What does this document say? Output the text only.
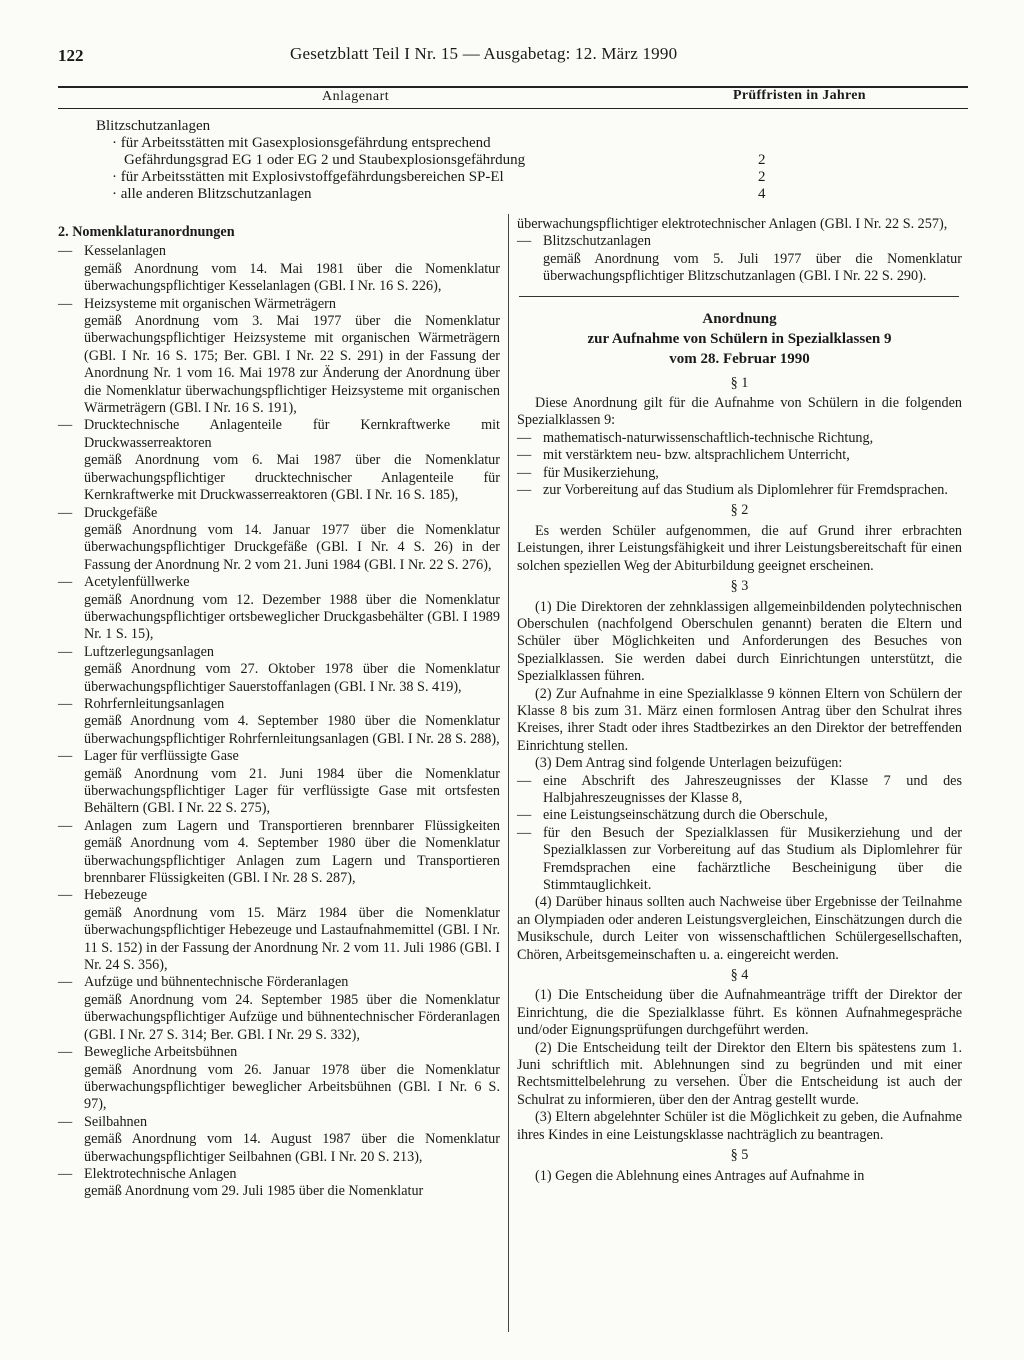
122	Gesetzblatt Teil I Nr. 15 — Ausgabetag: 12. März 1990
Anlagenart	Prüffristen in Jahren
Blitzschutzanlagen
· für Arbeitsstätten mit Gasexplosionsgefährdung entsprechend
Gefährdungsgrad EG 1 oder EG 2 und Staubexplosionsgefährdung
· für Arbeitsstätten mit Explosivstoffgefährdungsbereichen SP-El
· alle anderen Blitzschutzanlagen
2
2
4
2. Nomenklaturanordnungen
— Kesselanlagen
gemäß Anordnung vom 14. Mai 1981 über die Nomenklatur überwachungspflichtiger Kesselanlagen (GBl. I Nr. 16 S. 226),
— Heizsysteme mit organischen Wärmeträgern
gemäß Anordnung vom 3. Mai 1977 über die Nomenklatur überwachungspflichtiger Heizsysteme mit organischen Wärmeträgern (GBl. I Nr. 16 S. 175; Ber. GBl. I Nr. 22 S. 291) in der Fassung der Anordnung Nr. 1 vom 16. Mai 1978 zur Änderung der Anordnung über die Nomenklatur überwachungspflichtiger Heizsysteme mit organischen Wärmeträgern (GBl. I Nr. 16 S. 191),
— Drucktechnische Anlagenteile für Kernkraftwerke mit Druckwasserreaktoren
gemäß Anordnung vom 6. Mai 1987 über die Nomenklatur überwachungspflichtiger drucktechnischer Anlagenteile für Kernkraftwerke mit Druckwasserreaktoren (GBl. I Nr. 16 S. 185),
— Druckgefäße
gemäß Anordnung vom 14. Januar 1977 über die Nomenklatur überwachungspflichtiger Druckgefäße (GBl. I Nr. 4 S. 26) in der Fassung der Anordnung Nr. 2 vom 21. Juni 1984 (GBl. I Nr. 22 S. 276),
— Acetylenfüllwerke
gemäß Anordnung vom 12. Dezember 1988 über die Nomenklatur überwachungspflichtiger ortsbeweglicher Druckgasbehälter (GBl. I 1989 Nr. 1 S. 15),
— Luftzerlegungsanlagen
gemäß Anordnung vom 27. Oktober 1978 über die Nomenklatur überwachungspflichtiger Sauerstoffanlagen (GBl. I Nr. 38 S. 419),
— Rohrfernleitungsanlagen
gemäß Anordnung vom 4. September 1980 über die Nomenklatur überwachungspflichtiger Rohrfernleitungsanlagen (GBl. I Nr. 28 S. 288),
— Lager für verflüssigte Gase
gemäß Anordnung vom 21. Juni 1984 über die Nomenklatur überwachungspflichtiger Lager für verflüssigte Gase mit ortsfesten Behältern (GBl. I Nr. 22 S. 275),
— Anlagen zum Lagern und Transportieren brennbarer Flüssigkeiten gemäß Anordnung vom 4. September 1980 über die Nomenklatur überwachungspflichtiger Anlagen zum Lagern und Transportieren brennbarer Flüssigkeiten (GBl. I Nr. 28 S. 287),
— Hebezeuge
gemäß Anordnung vom 15. März 1984 über die Nomenklatur überwachungspflichtiger Hebezeuge und Lastaufnahmemittel (GBl. I Nr. 11 S. 152) in der Fassung der Anordnung Nr. 2 vom 11. Juli 1986 (GBl. I Nr. 24 S. 356),
— Aufzüge und bühnentechnische Förderanlagen
gemäß Anordnung vom 24. September 1985 über die Nomenklatur überwachungspflichtiger Aufzüge und bühnentechnischer Förderanlagen (GBl. I Nr. 27 S. 314; Ber. GBl. I Nr. 29 S. 332),
— Bewegliche Arbeitsbühnen
gemäß Anordnung vom 26. Januar 1978 über die Nomenklatur überwachungspflichtiger beweglicher Arbeitsbühnen (GBl. I Nr. 6 S. 97),
— Seilbahnen
gemäß Anordnung vom 14. August 1987 über die Nomenklatur überwachungspflichtiger Seilbahnen (GBl. I Nr. 20 S. 213),
— Elektrotechnische Anlagen
gemäß Anordnung vom 29. Juli 1985 über die Nomenklatur
überwachungspflichtiger elektrotechnischer Anlagen (GBl. I Nr. 22 S. 257),
— Blitzschutzanlagen
gemäß Anordnung vom 5. Juli 1977 über die Nomenklatur überwachungspflichtiger Blitzschutzanlagen (GBl. I Nr. 22 S. 290).
Anordnung
zur Aufnahme von Schülern in Spezialklassen 9
vom 28. Februar 1990
§ 1
Diese Anordnung gilt für die Aufnahme von Schülern in die folgenden Spezialklassen 9:
— mathematisch-naturwissenschaftlich-technische Richtung,
— mit verstärktem neu- bzw. altsprachlichem Unterricht,
— für Musikerziehung,
— zur Vorbereitung auf das Studium als Diplomlehrer für Fremdsprachen.
§ 2
Es werden Schüler aufgenommen, die auf Grund ihrer erbrachten Leistungen, ihrer Leistungsfähigkeit und ihrer Leistungsbereitschaft für einen solchen speziellen Weg der Abiturbildung geeignet erscheinen.
§ 3
(1) Die Direktoren der zehnklassigen allgemeinbildenden polytechnischen Oberschulen (nachfolgend Oberschulen genannt) beraten die Eltern und Schüler über Möglichkeiten und Anforderungen des Besuches von Spezialklassen. Sie werden dabei durch Einrichtungen unterstützt, die Spezialklassen führen.
(2) Zur Aufnahme in eine Spezialklasse 9 können Eltern von Schülern der Klasse 8 bis zum 31. März einen formlosen Antrag über den Schulrat ihres Kreises, ihrer Stadt oder ihres Stadtbezirkes an den Direktor der betreffenden Einrichtung stellen.
(3) Dem Antrag sind folgende Unterlagen beizufügen:
— eine Abschrift des Jahreszeugnisses der Klasse 7 und des Halbjahreszeugnisses der Klasse 8,
— eine Leistungseinschätzung durch die Oberschule,
— für den Besuch der Spezialklassen für Musikerziehung und der Spezialklassen zur Vorbereitung auf das Studium als Diplomlehrer für Fremdsprachen eine fachärztliche Bescheinigung über die Stimmtauglichkeit.
(4) Darüber hinaus sollten auch Nachweise über Ergebnisse der Teilnahme an Olympiaden oder anderen Leistungsvergleichen, Einschätzungen durch die Musikschule, durch Leiter von wissenschaftlichen Schülergesellschaften, Chören, Arbeitsgemeinschaften u. a. eingereicht werden.
§ 4
(1) Die Entscheidung über die Aufnahmeanträge trifft der Direktor der Einrichtung, die die Spezialklasse führt. Es können Aufnahmegespräche und/oder Eignungsprüfungen durchgeführt werden.
(2) Die Entscheidung teilt der Direktor den Eltern bis spätestens zum 1. Juni schriftlich mit. Ablehnungen sind zu begründen und mit einer Rechtsmittelbelehrung zu versehen. Über die Entscheidung ist auch der Schulrat zu informieren, über den der Antrag gestellt wurde.
(3) Eltern abgelehnter Schüler ist die Möglichkeit zu geben, die Aufnahme ihres Kindes in eine Leistungsklasse nachträglich zu beantragen.
§ 5
(1) Gegen die Ablehnung eines Antrages auf Aufnahme in
